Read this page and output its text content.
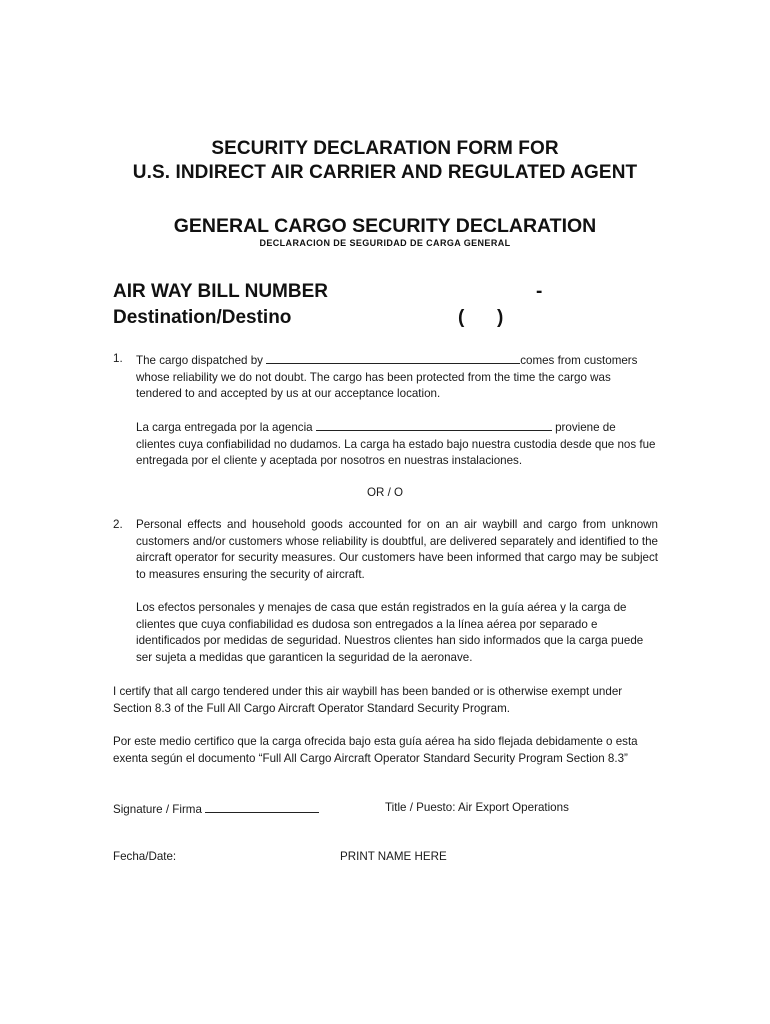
SECURITY DECLARATION FORM FOR
U.S. INDIRECT AIR CARRIER AND REGULATED AGENT
GENERAL CARGO SECURITY DECLARATION
DECLARACION DE SEGURIDAD DE CARGA GENERAL
AIR WAY BILL NUMBER	-
Destination/Destino	( )
1. The cargo dispatched by	comes from customers whose reliability we do not doubt. The cargo has been protected from the time the cargo was tendered to and accepted by us at our acceptance location.
La carga entregada por la agencia	proviene de clientes cuya confiabilidad no dudamos. La carga ha estado bajo nuestra custodia desde que nos fue entregada por el cliente y aceptada por nosotros en nuestras instalaciones.
OR / O
2. Personal effects and household goods accounted for on an air waybill and cargo from unknown customers and/or customers whose reliability is doubtful, are delivered separately and identified to the aircraft operator for security measures. Our customers have been informed that cargo may be subject to measures ensuring the security of aircraft.
Los efectos personales y menajes de casa que están registrados en la guía aérea y la carga de clientes que cuya confiabilidad es dudosa son entregados a la línea aérea por separado e identificados por medidas de seguridad. Nuestros clientes han sido informados que la carga puede ser sujeta a medidas que garanticen la seguridad de la aeronave.
I certify that all cargo tendered under this air waybill has been banded or is otherwise exempt under Section 8.3 of the Full All Cargo Aircraft Operator Standard Security Program.
Por este medio certifico que la carga ofrecida bajo esta guía aérea ha sido flejada debidamente o esta exenta según el documento “Full All Cargo Aircraft Operator Standard Security Program Section 8.3”
Signature / Firma	Title / Puesto: Air Export Operations
Fecha/Date:	PRINT NAME HERE
